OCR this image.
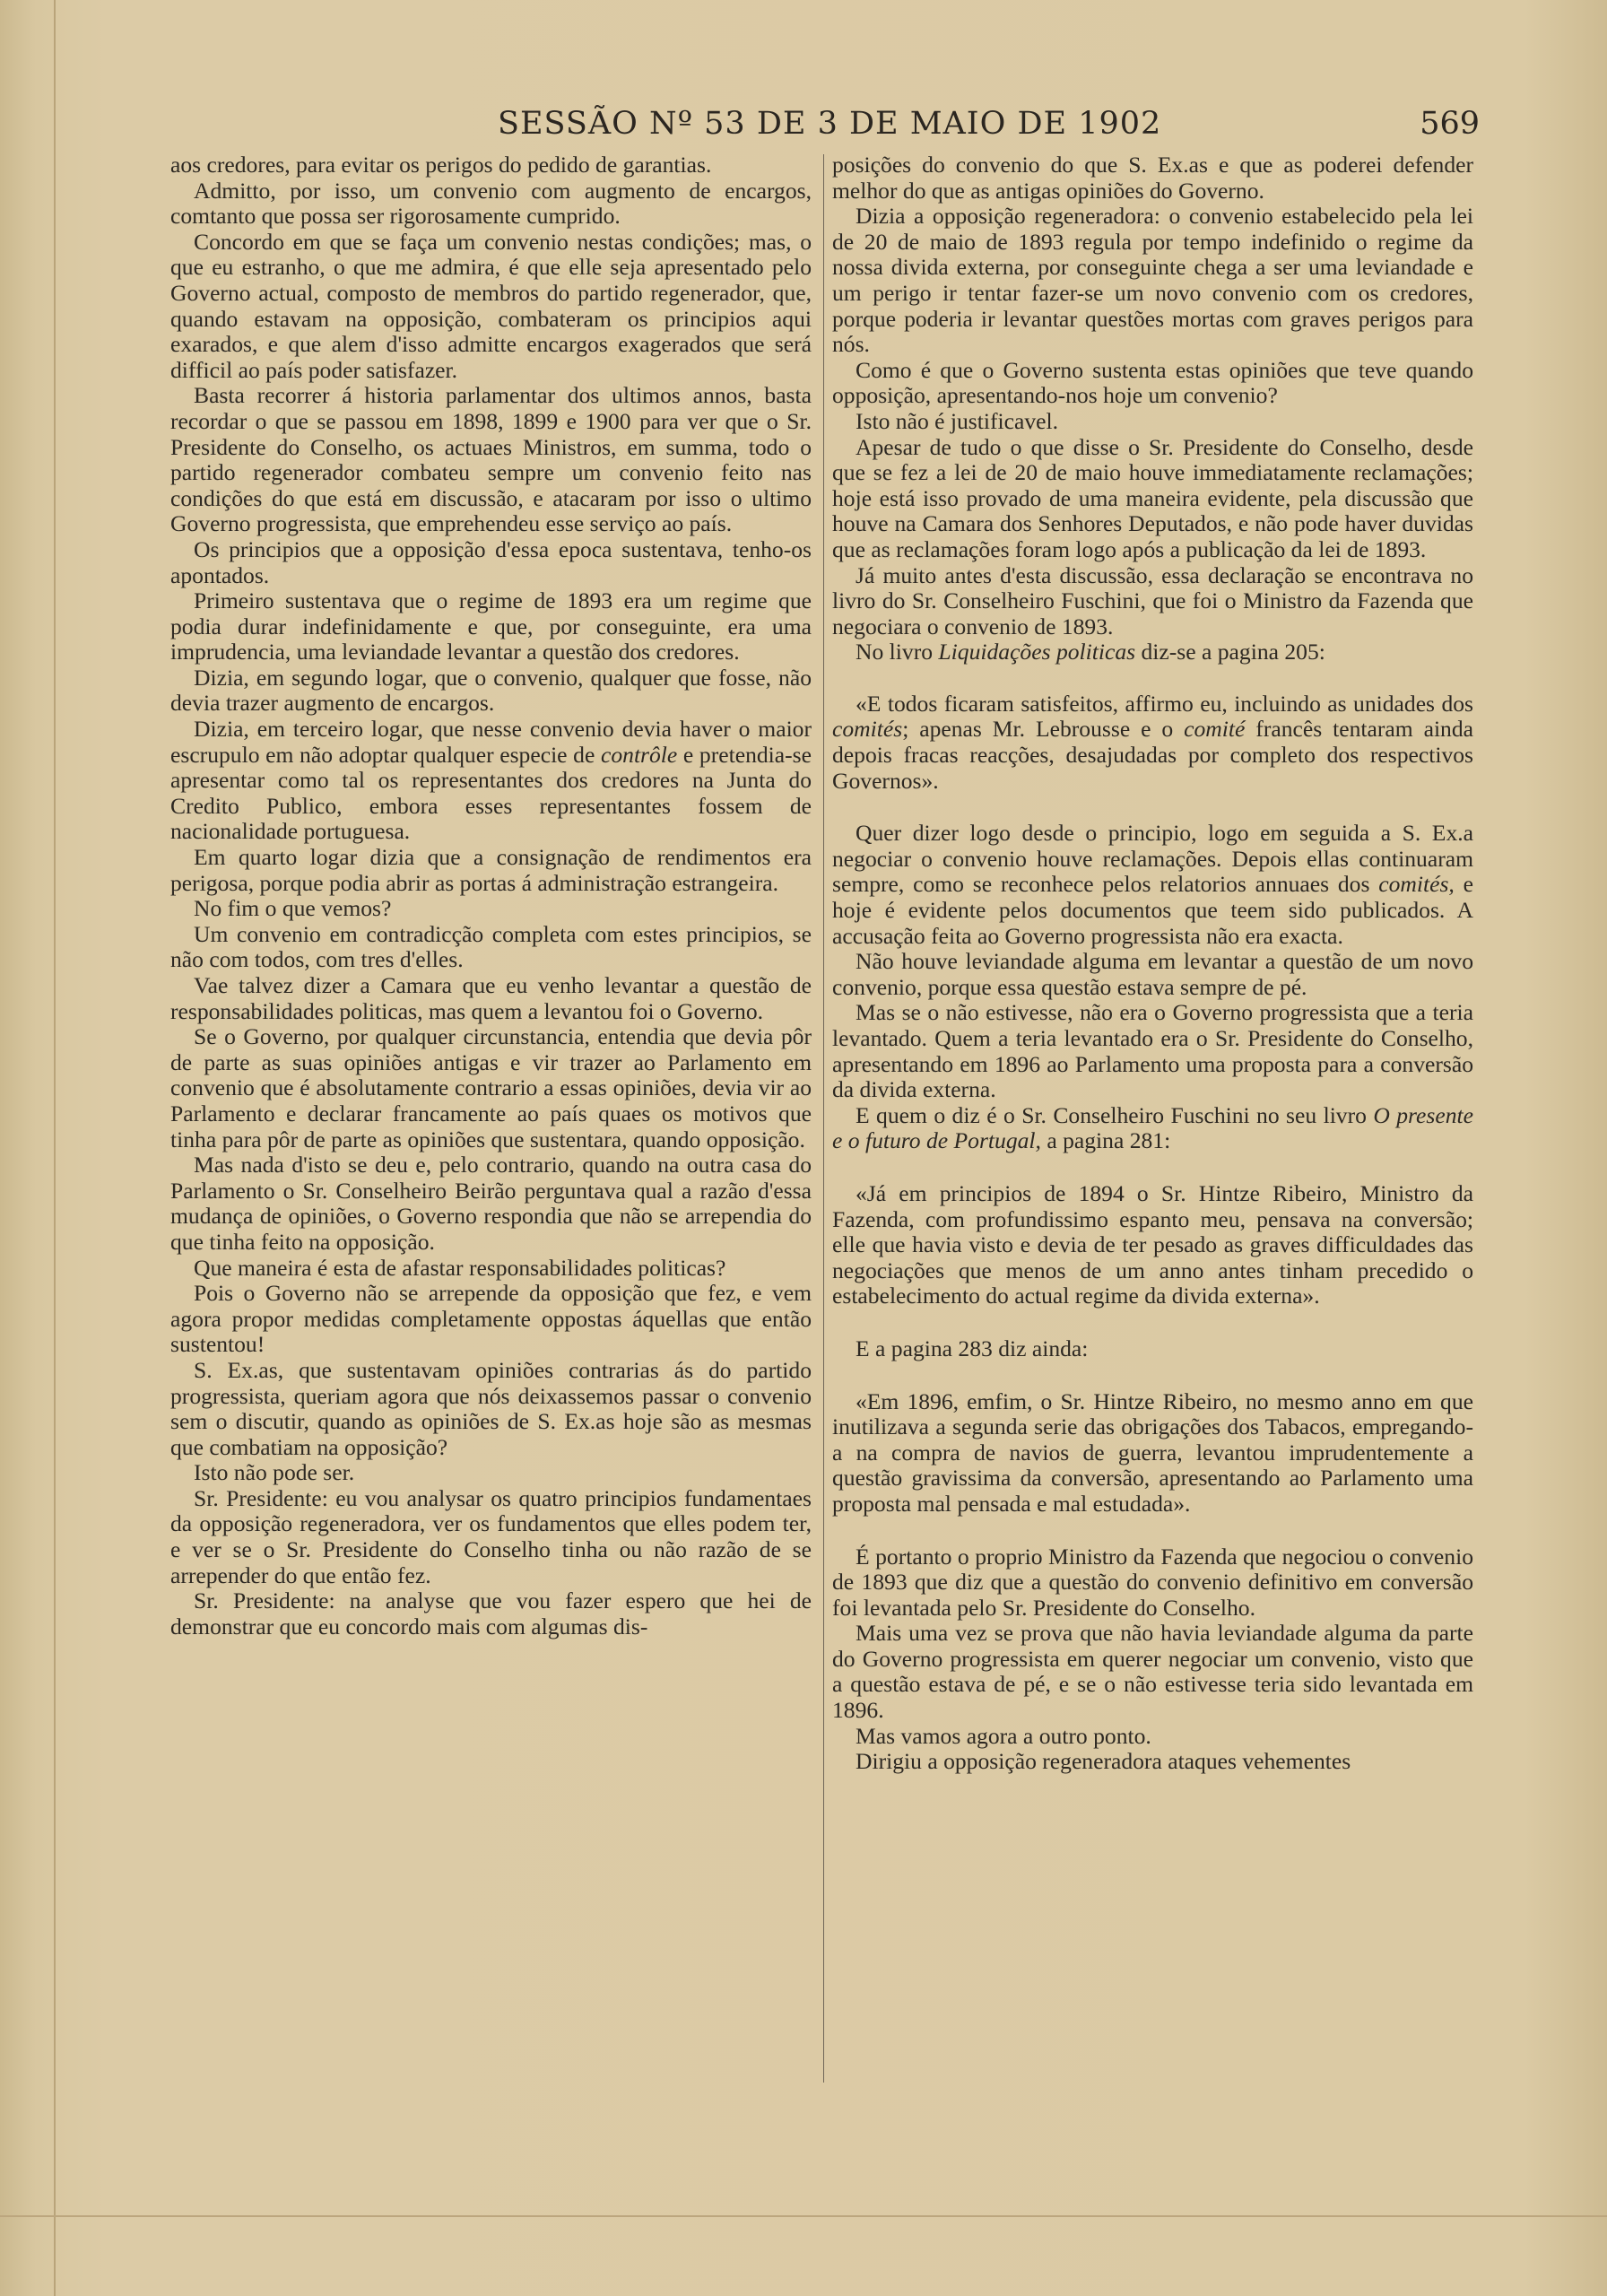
SESSÃO Nº 53 DE 3 DE MAIO DE 1902	569

aos credores, para evitar os perigos do pedido de garantias.

Admitto, por isso, um convenio com augmento de encargos, comtanto que possa ser rigorosamente cumprido.

Concordo em que se faça um convenio nestas condições; mas, o que eu estranho, o que me admira, é que elle seja apresentado pelo Governo actual, composto de membros do partido regenerador, que, quando estavam na opposição, combateram os principios aqui exarados, e que alem d'isso admitte encargos exagerados que será difficil ao país poder satisfazer.

Basta recorrer á historia parlamentar dos ultimos annos, basta recordar o que se passou em 1898, 1899 e 1900 para ver que o Sr. Presidente do Conselho, os actuaes Ministros, em summa, todo o partido regenerador combateu sempre um convenio feito nas condições do que está em discussão, e atacaram por isso o ultimo Governo progressista, que emprehendeu esse serviço ao país.

Os principios que a opposição d'essa epoca sustentava, tenho-os apontados.

Primeiro sustentava que o regime de 1893 era um regime que podia durar indefinidamente e que, por conseguinte, era uma imprudencia, uma leviandade levantar a questão dos credores.

Dizia, em segundo logar, que o convenio, qualquer que fosse, não devia trazer augmento de encargos.

Dizia, em terceiro logar, que nesse convenio devia haver o maior escrupulo em não adoptar qualquer especie de contrôle e pretendia-se apresentar como tal os representantes dos credores na Junta do Credito Publico, embora esses representantes fossem de nacionalidade portuguesa.

Em quarto logar dizia que a consignação de rendimentos era perigosa, porque podia abrir as portas á administração estrangeira.

No fim o que vemos?

Um convenio em contradicção completa com estes principios, se não com todos, com tres d'elles.

Vae talvez dizer a Camara que eu venho levantar a questão de responsabilidades politicas, mas quem a levantou foi o Governo.

Se o Governo, por qualquer circunstancia, entendia que devia pôr de parte as suas opiniões antigas e vir trazer ao Parlamento em convenio que é absolutamente contrario a essas opiniões, devia vir ao Parlamento e declarar francamente ao país quaes os motivos que tinha para pôr de parte as opiniões que sustentara, quando opposição.

Mas nada d'isto se deu e, pelo contrario, quando na outra casa do Parlamento o Sr. Conselheiro Beirão perguntava qual a razão d'essa mudança de opiniões, o Governo respondia que não se arrependia do que tinha feito na opposição.

Que maneira é esta de afastar responsabilidades politicas?

Pois o Governo não se arrepende da opposição que fez, e vem agora propor medidas completamente oppostas áquellas que então sustentou!

S. Ex.as, que sustentavam opiniões contrarias ás do partido progressista, queriam agora que nós deixassemos passar o convenio sem o discutir, quando as opiniões de S. Ex.as hoje são as mesmas que combatiam na opposição?

Isto não pode ser.

Sr. Presidente: eu vou analysar os quatro principios fundamentaes da opposição regeneradora, ver os fundamentos que elles podem ter, e ver se o Sr. Presidente do Conselho tinha ou não razão de se arrepender do que então fez.

Sr. Presidente: na analyse que vou fazer espero que hei de demonstrar que eu concordo mais com algumas dis-

posições do convenio do que S. Ex.as e que as poderei defender melhor do que as antigas opiniões do Governo.

Dizia a opposição regeneradora: o convenio estabelecido pela lei de 20 de maio de 1893 regula por tempo indefinido o regime da nossa divida externa, por conseguinte chega a ser uma leviandade e um perigo ir tentar fazer-se um novo convenio com os credores, porque poderia ir levantar questões mortas com graves perigos para nós.

Como é que o Governo sustenta estas opiniões que teve quando opposição, apresentando-nos hoje um convenio?

Isto não é justificavel.

Apesar de tudo o que disse o Sr. Presidente do Conselho, desde que se fez a lei de 20 de maio houve immediatamente reclamações; hoje está isso provado de uma maneira evidente, pela discussão que houve na Camara dos Senhores Deputados, e não pode haver duvidas que as reclamações foram logo após a publicação da lei de 1893.

Já muito antes d'esta discussão, essa declaração se encontrava no livro do Sr. Conselheiro Fuschini, que foi o Ministro da Fazenda que negociara o convenio de 1893.

No livro Liquidações politicas diz-se a pagina 205:

«E todos ficaram satisfeitos, affirmo eu, incluindo as unidades dos comités; apenas Mr. Lebrousse e o comité francês tentaram ainda depois fracas reacções, desajudadas por completo dos respectivos Governos».

Quer dizer logo desde o principio, logo em seguida a S. Ex.a negociar o convenio houve reclamações. Depois ellas continuaram sempre, como se reconhece pelos relatorios annuaes dos comités, e hoje é evidente pelos documentos que teem sido publicados. A accusação feita ao Governo progressista não era exacta.

Não houve leviandade alguma em levantar a questão de um novo convenio, porque essa questão estava sempre de pé.

Mas se o não estivesse, não era o Governo progressista que a teria levantado. Quem a teria levantado era o Sr. Presidente do Conselho, apresentando em 1896 ao Parlamento uma proposta para a conversão da divida externa.

E quem o diz é o Sr. Conselheiro Fuschini no seu livro O presente e o futuro de Portugal, a pagina 281:

«Já em principios de 1894 o Sr. Hintze Ribeiro, Ministro da Fazenda, com profundissimo espanto meu, pensava na conversão; elle que havia visto e devia de ter pesado as graves difficuldades das negociações que menos de um anno antes tinham precedido o estabelecimento do actual regime da divida externa».

E a pagina 283 diz ainda:

«Em 1896, emfim, o Sr. Hintze Ribeiro, no mesmo anno em que inutilizava a segunda serie das obrigações dos Tabacos, empregando-a na compra de navios de guerra, levantou imprudentemente a questão gravissima da conversão, apresentando ao Parlamento uma proposta mal pensada e mal estudada».

É portanto o proprio Ministro da Fazenda que negociou o convenio de 1893 que diz que a questão do convenio definitivo em conversão foi levantada pelo Sr. Presidente do Conselho.

Mais uma vez se prova que não havia leviandade alguma da parte do Governo progressista em querer negociar um convenio, visto que a questão estava de pé, e se o não estivesse teria sido levantada em 1896.

Mas vamos agora a outro ponto.

Dirigiu a opposição regeneradora ataques vehementes
